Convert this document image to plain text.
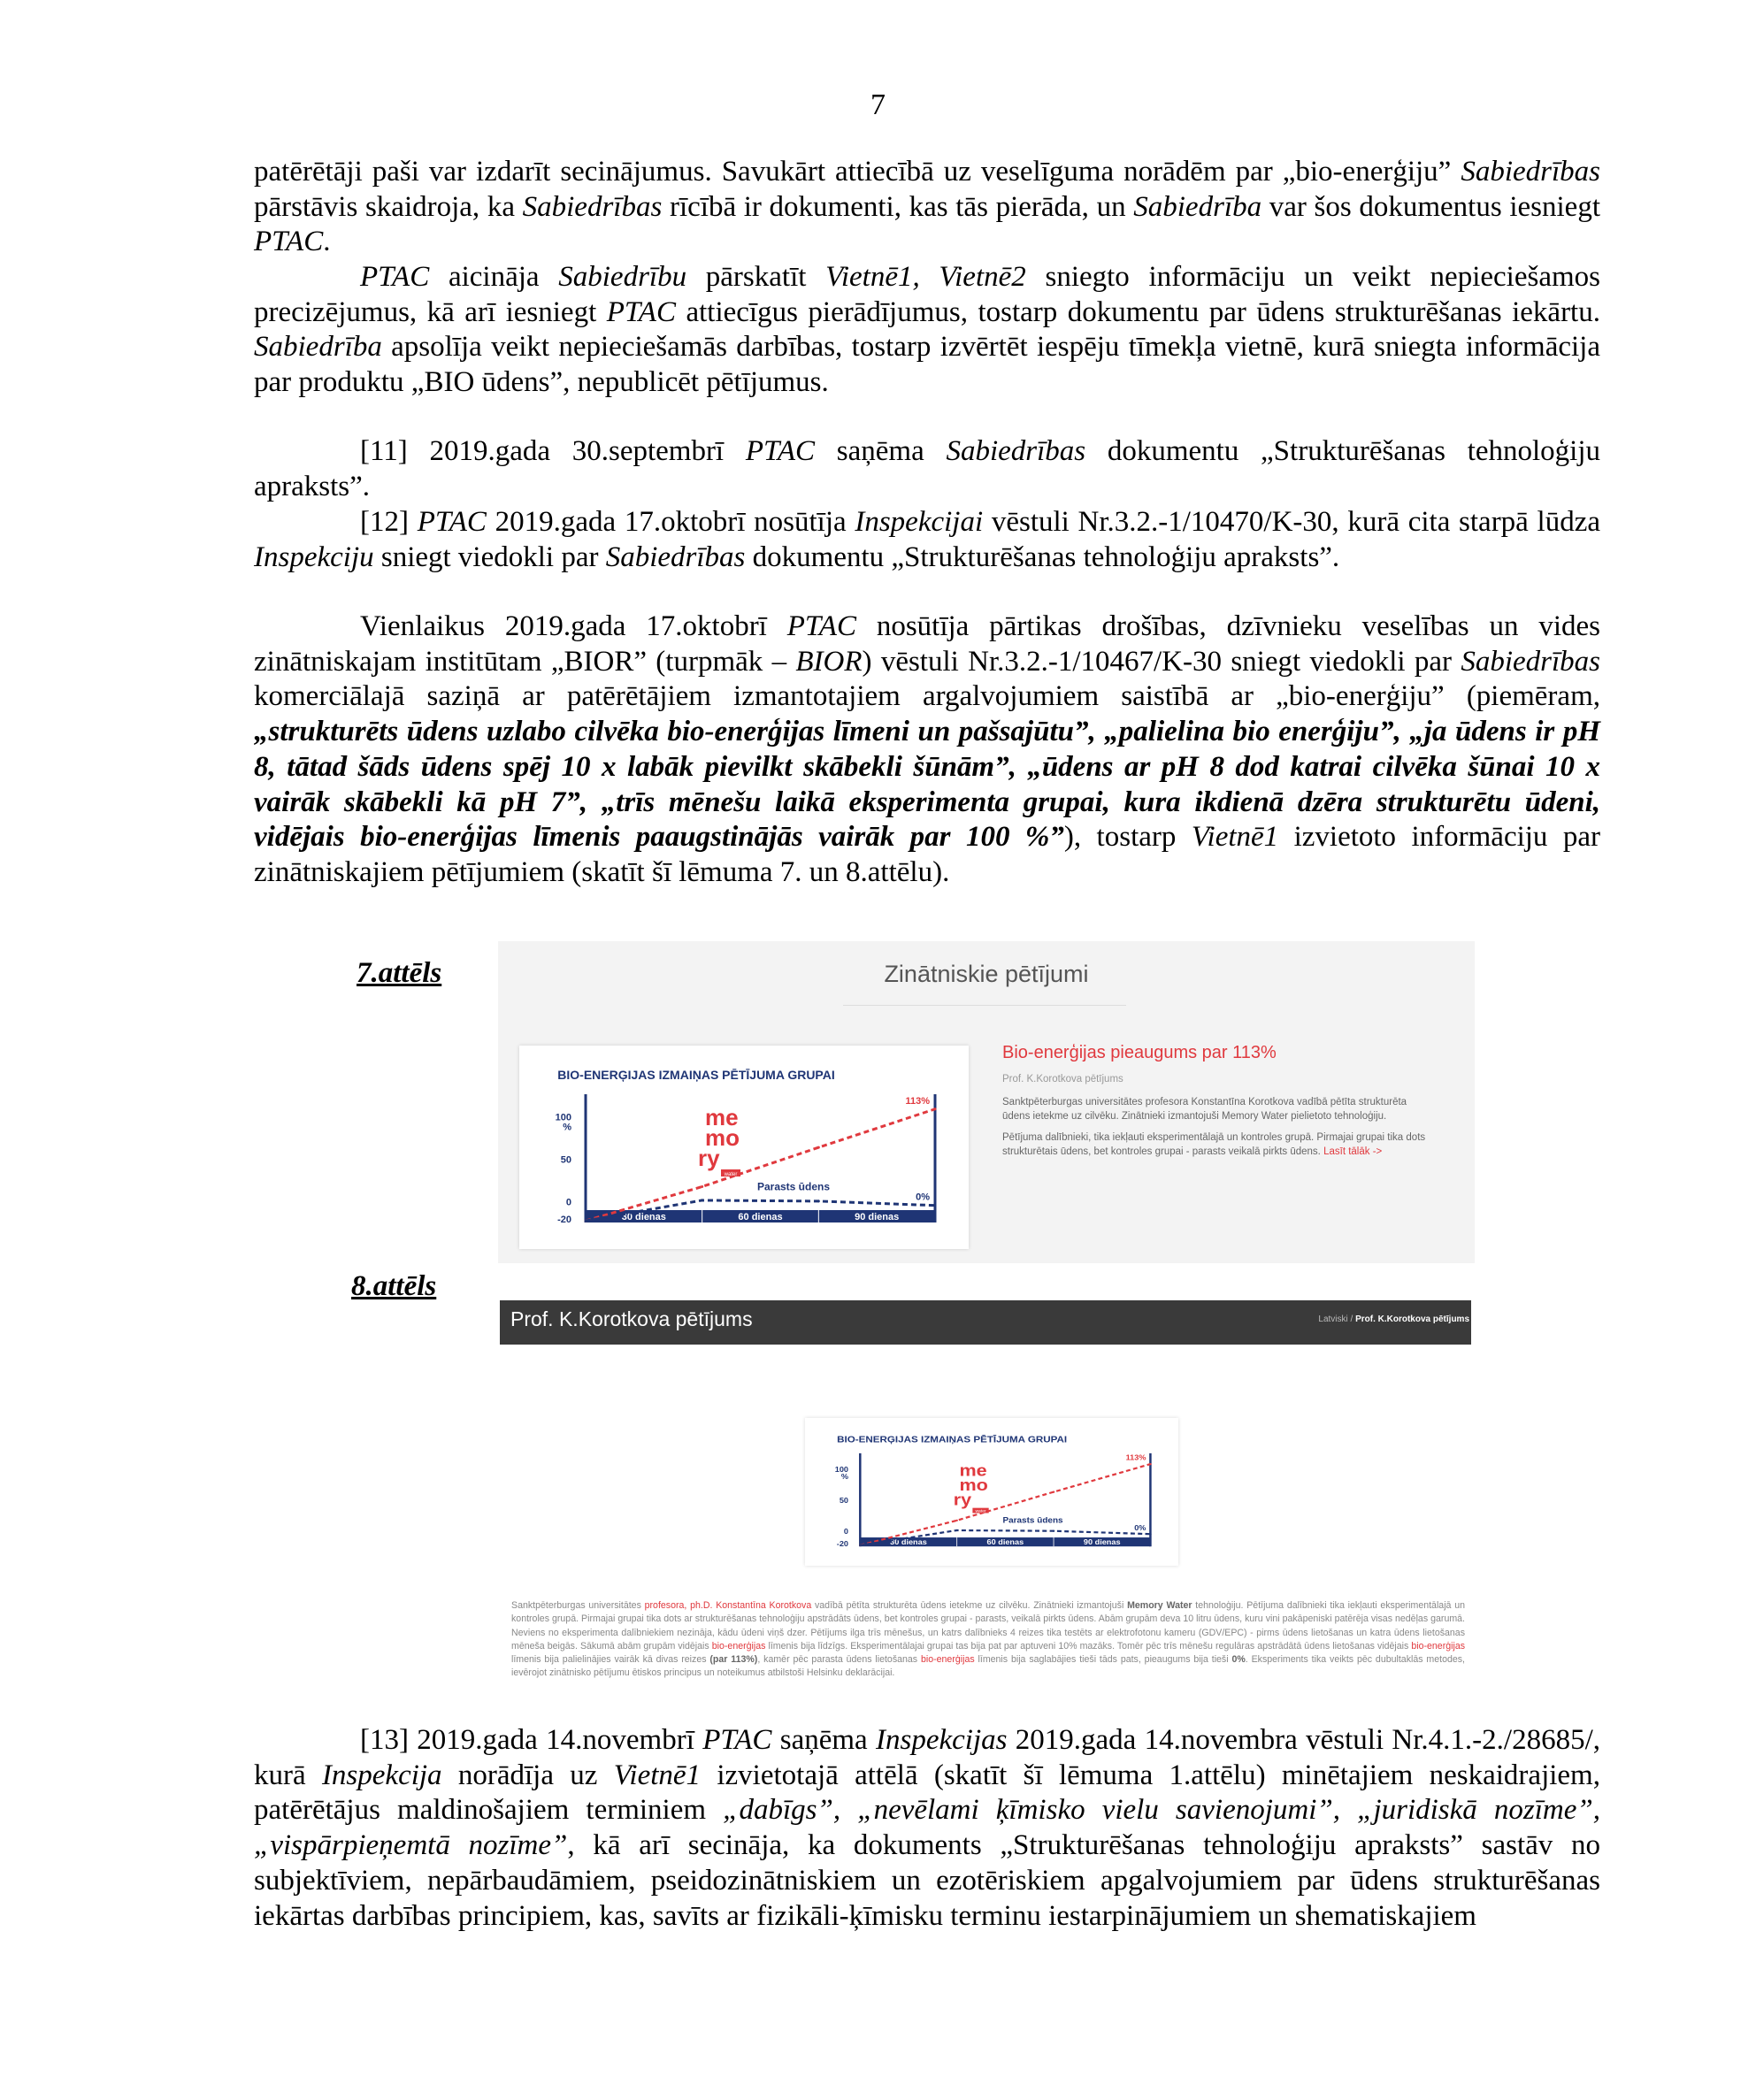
7

patērētāji paši var izdarīt secinājumus. Savukārt attiecībā uz veselīguma norādēm par „bio-enerģiju” Sabiedrības pārstāvis skaidroja, ka Sabiedrības rīcībā ir dokumenti, kas tās pierāda, un Sabiedrība var šos dokumentus iesniegt PTAC.

PTAC aicināja Sabiedrību pārskatīt Vietnē1, Vietnē2 sniegto informāciju un veikt nepieciešamos precizējumus, kā arī iesniegt PTAC attiecīgus pierādījumus, tostarp dokumentu par ūdens strukturēšanas iekārtu. Sabiedrība apsolīja veikt nepieciešamās darbības, tostarp izvērtēt iespēju tīmekļa vietnē, kurā sniegta informācija par produktu „BIO ūdens”, nepublicēt pētījumus.

[11] 2019.gada 30.septembrī PTAC saņēma Sabiedrības dokumentu „Strukturēšanas tehnoloģiju apraksts”.

[12] PTAC 2019.gada 17.oktobrī nosūtīja Inspekcijai vēstuli Nr.3.2.-1/10470/K-30, kurā cita starpā lūdza Inspekciju sniegt viedokli par Sabiedrības dokumentu „Strukturēšanas tehnoloģiju apraksts”.

Vienlaikus 2019.gada 17.oktobrī PTAC nosūtīja pārtikas drošības, dzīvnieku veselības un vides zinātniskajam institūtam „BIOR” (turpmāk – BIOR) vēstuli Nr.3.2.-1/10467/K-30 sniegt viedokli par Sabiedrības komerciālajā saziņā ar patērētājiem izmantotajiem argalvojumiem saistībā ar „bio-enerģiju” (piemēram, „strukturēts ūdens uzlabo cilvēka bio-enerģijas līmeni un pašsajūtu”, „palielina bio enerģiju”, „ja ūdens ir pH 8, tātad šāds ūdens spēj 10 x labāk pievilkt skābekli šūnām”, „ūdens ar pH 8 dod katrai cilvēka šūnai 10 x vairāk skābekli kā pH 7”, „trīs mēnešu laikā eksperimenta grupai, kura ikdienā dzēra strukturētu ūdeni, vidējais bio-enerģijas līmenis paaugstinājās vairāk par 100 %”), tostarp Vietnē1 izvietoto informāciju par zinātniskajiem pētījumiem (skatīt šī lēmuma 7. un 8.attēlu).

7.attēls	Zinātniskie pētījumi
BIO-ENERĢIJAS IZMAIŅAS PĒTĪJUMA GRUPAI
30 dienas	60 dienas	90 dienas
100
%
50
0
-20
113%
0%
Parasts ūdens
me
mo
ry
water
Bio-enerģijas pieaugums par 113%
Prof. K.Korotkova pētījums

Sanktpēterburgas universitātes profesora Konstantīna Korotkova vadībā pētīta strukturēta ūdens ietekme uz cilvēku. Zinātnieki izmantojuši Memory Water pielietoto tehnoloģiju.

Pētījuma dalībnieki, tika iekļauti eksperimentālajā un kontroles grupā. Pirmajai grupai tika dots strukturētais ūdens, bet kontroles grupai - parasts veikalā pirkts ūdens. Lasīt tālāk ->

8.attēls
Prof. K.Korotkova pētījums	Latviski / Prof. K.Korotkova pētījums
BIO-ENERĢIJAS IZMAIŅAS PĒTĪJUMA GRUPAI
30 dienas	60 dienas	90 dienas
100
%
50
0
-20
113%
0%
Parasts ūdens
me
mo
ry
water
Sanktpēterburgas universitātes profesora, ph.D. Konstantīna Korotkova vadībā pētīta strukturēta ūdens ietekme uz cilvēku. Zinātnieki izmantojuši Memory Water tehnoloģiju. Pētījuma dalībnieki tika iekļauti eksperimentālajā un kontroles grupā. Pirmajai grupai tika dots ar strukturēšanas tehnoloģiju apstrādāts ūdens, bet kontroles grupai - parasts, veikalā pirkts ūdens. Abām grupām deva 10 litru ūdens, kuru vini pakāpeniski patērēja visas nedēļas garumā. Neviens no eksperimenta dalībniekiem nezināja, kādu ūdeni viņš dzer. Pētījums ilga trīs mēnešus, un katrs dalībnieks 4 reizes tika testēts ar elektrofotonu kameru (GDV/EPC) - pirms ūdens lietošanas un katra ūdens lietošanas mēneša beigās. Sākumā abām grupām vidējais bio-enerģijas līmenis bija līdzīgs. Eksperimentālajai grupai tas bija pat par aptuveni 10% mazāks. Tomēr pēc trīs mēnešu regulāras apstrādātā ūdens lietošanas vidējais bio-enerģijas līmenis bija palielinājies vairāk kā divas reizes (par 113%), kamēr pēc parasta ūdens lietošanas bio-enerģijas līmenis bija saglabājies tieši tāds pats, pieaugums bija tieši 0%. Eksperiments tika veikts pēc dubultaklās metodes, ievērojot zinātnisko pētījumu ētiskos principus un noteikumus atbilstoši Helsinku deklarācijai.

[13] 2019.gada 14.novembrī PTAC saņēma Inspekcijas 2019.gada 14.novembra vēstuli Nr.4.1.-2./28685/, kurā Inspekcija norādīja uz Vietnē1 izvietotajā attēlā (skatīt šī lēmuma 1.attēlu) minētajiem neskaidrajiem, patērētājus maldinošajiem terminiem „dabīgs”, „nevēlami ķīmisko vielu savienojumi”, „juridiskā nozīme”, „vispārpieņemtā nozīme”, kā arī secināja, ka dokuments „Strukturēšanas tehnoloģiju apraksts” sastāv no subjektīviem, nepārbaudāmiem, pseidozinātniskiem un ezotēriskiem apgalvojumiem par ūdens strukturēšanas iekārtas darbības principiem, kas, savīts ar fizikāli-ķīmisku terminu iestarpinājumiem un shematiskajiem
